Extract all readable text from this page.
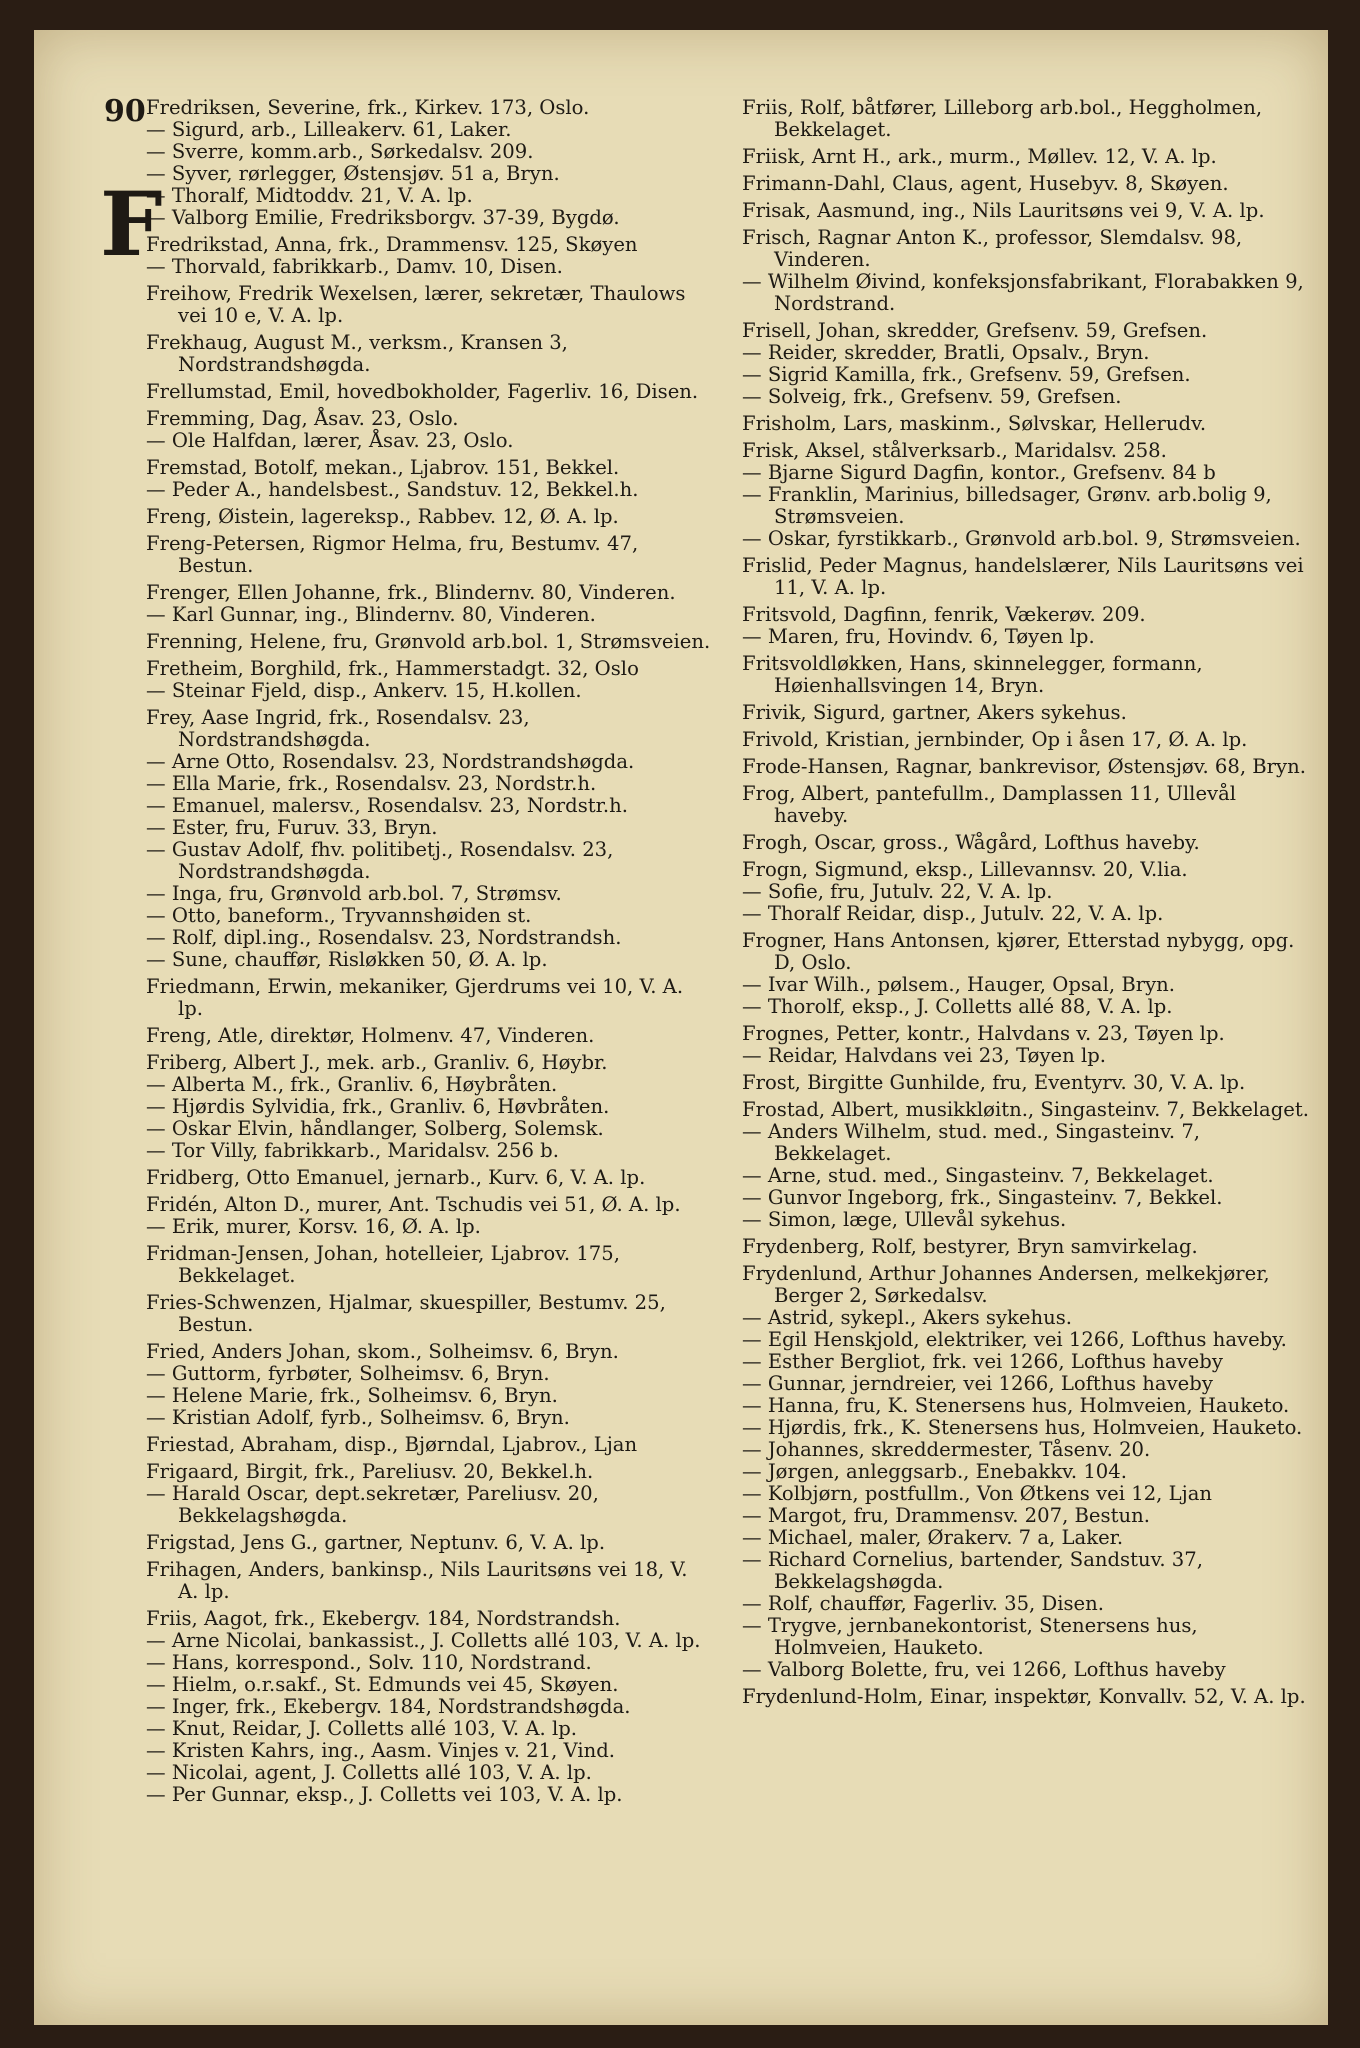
90
F

Fredriksen, Severine, frk., Kirkev. 173, Oslo.

— Sigurd, arb., Lilleakerv. 61, Laker.

— Sverre, komm.arb., Sørkedalsv. 209.

— Syver, rørlegger, Østensjøv. 51 a, Bryn.

— Thoralf, Midtoddv. 21, V. A. lp.

— Valborg Emilie, Fredriksborgv. 37-39, Bygdø.

Fredrikstad, Anna, frk., Drammensv. 125, Skøyen

— Thorvald, fabrikkarb., Damv. 10, Disen.

Freihow, Fredrik Wexelsen, lærer, sekretær, Thaulows vei 10 e, V. A. lp.

Frekhaug, August M., verksm., Kransen 3, Nordstrandshøgda.

Frellumstad, Emil, hovedbokholder, Fagerliv. 16, Disen.

Fremming, Dag, Åsav. 23, Oslo.

— Ole Halfdan, lærer, Åsav. 23, Oslo.

Fremstad, Botolf, mekan., Ljabrov. 151, Bekkel.

— Peder A., handelsbest., Sandstuv. 12, Bekkel.h.

Freng, Øistein, lagereksp., Rabbev. 12, Ø. A. lp.

Freng-Petersen, Rigmor Helma, fru, Bestumv. 47, Bestun.

Frenger, Ellen Johanne, frk., Blindernv. 80, Vinderen.

— Karl Gunnar, ing., Blindernv. 80, Vinderen.

Frenning, Helene, fru, Grønvold arb.bol. 1, Strømsveien.

Fretheim, Borghild, frk., Hammerstadgt. 32, Oslo

— Steinar Fjeld, disp., Ankerv. 15, H.kollen.

Frey, Aase Ingrid, frk., Rosendalsv. 23, Nordstrandshøgda.

— Arne Otto, Rosendalsv. 23, Nordstrandshøgda.

— Ella Marie, frk., Rosendalsv. 23, Nordstr.h.

— Emanuel, malersv., Rosendalsv. 23, Nordstr.h.

— Ester, fru, Furuv. 33, Bryn.

— Gustav Adolf, fhv. politibetj., Rosendalsv. 23, Nordstrandshøgda.

— Inga, fru, Grønvold arb.bol. 7, Strømsv.

— Otto, baneform., Tryvannshøiden st.

— Rolf, dipl.ing., Rosendalsv. 23, Nordstrandsh.

— Sune, chauffør, Risløkken 50, Ø. A. lp.

Friedmann, Erwin, mekaniker, Gjerdrums vei 10, V. A. lp.

Freng, Atle, direktør, Holmenv. 47, Vinderen.

Friberg, Albert J., mek. arb., Granliv. 6, Høybr.

— Alberta M., frk., Granliv. 6, Høybråten.

— Hjørdis Sylvidia, frk., Granliv. 6, Høvbråten.

— Oskar Elvin, håndlanger, Solberg, Solemsk.

— Tor Villy, fabrikkarb., Maridalsv. 256 b.

Fridberg, Otto Emanuel, jernarb., Kurv. 6, V. A. lp.

Fridén, Alton D., murer, Ant. Tschudis vei 51, Ø. A. lp.

— Erik, murer, Korsv. 16, Ø. A. lp.

Fridman-Jensen, Johan, hotelleier, Ljabrov. 175, Bekkelaget.

Fries-Schwenzen, Hjalmar, skuespiller, Bestumv. 25, Bestun.

Fried, Anders Johan, skom., Solheimsv. 6, Bryn.

— Guttorm, fyrbøter, Solheimsv. 6, Bryn.

— Helene Marie, frk., Solheimsv. 6, Bryn.

— Kristian Adolf, fyrb., Solheimsv. 6, Bryn.

Friestad, Abraham, disp., Bjørndal, Ljabrov., Ljan

Frigaard, Birgit, frk., Pareliusv. 20, Bekkel.h.

— Harald Oscar, dept.sekretær, Pareliusv. 20, Bekkelagshøgda.

Frigstad, Jens G., gartner, Neptunv. 6, V. A. lp.

Frihagen, Anders, bankinsp., Nils Lauritsøns vei 18, V. A. lp.

Friis, Aagot, frk., Ekebergv. 184, Nordstrandsh.

— Arne Nicolai, bankassist., J. Colletts allé 103, V. A. lp.

— Hans, korrespond., Solv. 110, Nordstrand.

— Hielm, o.r.sakf., St. Edmunds vei 45, Skøyen.

— Inger, frk., Ekebergv. 184, Nordstrandshøgda.

— Knut, Reidar, J. Colletts allé 103, V. A. lp.

— Kristen Kahrs, ing., Aasm. Vinjes v. 21, Vind.

— Nicolai, agent, J. Colletts allé 103, V. A. lp.

— Per Gunnar, eksp., J. Colletts vei 103, V. A. lp.

Friis, Rolf, båtfører, Lilleborg arb.bol., Heggholmen, Bekkelaget.

Friisk, Arnt H., ark., murm., Møllev. 12, V. A. lp.

Frimann-Dahl, Claus, agent, Husebyv. 8, Skøyen.

Frisak, Aasmund, ing., Nils Lauritsøns vei 9, V. A. lp.

Frisch, Ragnar Anton K., professor, Slemdalsv. 98, Vinderen.

— Wilhelm Øivind, konfeksjonsfabrikant, Florabakken 9, Nordstrand.

Frisell, Johan, skredder, Grefsenv. 59, Grefsen.

— Reider, skredder, Bratli, Opsalv., Bryn.

— Sigrid Kamilla, frk., Grefsenv. 59, Grefsen.

— Solveig, frk., Grefsenv. 59, Grefsen.

Frisholm, Lars, maskinm., Sølvskar, Hellerudv.

Frisk, Aksel, stålverksarb., Maridalsv. 258.

— Bjarne Sigurd Dagfin, kontor., Grefsenv. 84 b

— Franklin, Marinius, billedsager, Grønv. arb.bolig 9, Strømsveien.

— Oskar, fyrstikkarb., Grønvold arb.bol. 9, Strømsveien.

Frislid, Peder Magnus, handelslærer, Nils Lauritsøns vei 11, V. A. lp.

Fritsvold, Dagfinn, fenrik, Vækerøv. 209.

— Maren, fru, Hovindv. 6, Tøyen lp.

Fritsvoldløkken, Hans, skinnelegger, formann, Høienhallsvingen 14, Bryn.

Frivik, Sigurd, gartner, Akers sykehus.

Frivold, Kristian, jernbinder, Op i åsen 17, Ø. A. lp.

Frode-Hansen, Ragnar, bankrevisor, Østensjøv. 68, Bryn.

Frog, Albert, pantefullm., Damplassen 11, Ullevål haveby.

Frogh, Oscar, gross., Wågård, Lofthus haveby.

Frogn, Sigmund, eksp., Lillevannsv. 20, V.lia.

— Sofie, fru, Jutulv. 22, V. A. lp.

— Thoralf Reidar, disp., Jutulv. 22, V. A. lp.

Frogner, Hans Antonsen, kjører, Etterstad nybygg, opg. D, Oslo.

— Ivar Wilh., pølsem., Hauger, Opsal, Bryn.

— Thorolf, eksp., J. Colletts allé 88, V. A. lp.

Frognes, Petter, kontr., Halvdans v. 23, Tøyen lp.

— Reidar, Halvdans vei 23, Tøyen lp.

Frost, Birgitte Gunhilde, fru, Eventyrv. 30, V. A. lp.

Frostad, Albert, musikkløitn., Singasteinv. 7, Bekkelaget.

— Anders Wilhelm, stud. med., Singasteinv. 7, Bekkelaget.

— Arne, stud. med., Singasteinv. 7, Bekkelaget.

— Gunvor Ingeborg, frk., Singasteinv. 7, Bekkel.

— Simon, læge, Ullevål sykehus.

Frydenberg, Rolf, bestyrer, Bryn samvirkelag.

Frydenlund, Arthur Johannes Andersen, melkekjører, Berger 2, Sørkedalsv.

— Astrid, sykepl., Akers sykehus.

— Egil Henskjold, elektriker, vei 1266, Lofthus haveby.

— Esther Bergliot, frk. vei 1266, Lofthus haveby

— Gunnar, jerndreier, vei 1266, Lofthus haveby

— Hanna, fru, K. Stenersens hus, Holmveien, Hauketo.

— Hjørdis, frk., K. Stenersens hus, Holmveien, Hauketo.

— Johannes, skreddermester, Tåsenv. 20.

— Jørgen, anleggsarb., Enebakkv. 104.

— Kolbjørn, postfullm., Von Øtkens vei 12, Ljan

— Margot, fru, Drammensv. 207, Bestun.

— Michael, maler, Ørakerv. 7 a, Laker.

— Richard Cornelius, bartender, Sandstuv. 37, Bekkelagshøgda.

— Rolf, chauffør, Fagerliv. 35, Disen.

— Trygve, jernbanekontorist, Stenersens hus, Holmveien, Hauketo.

— Valborg Bolette, fru, vei 1266, Lofthus haveby

Frydenlund-Holm, Einar, inspektør, Konvallv. 52, V. A. lp.
